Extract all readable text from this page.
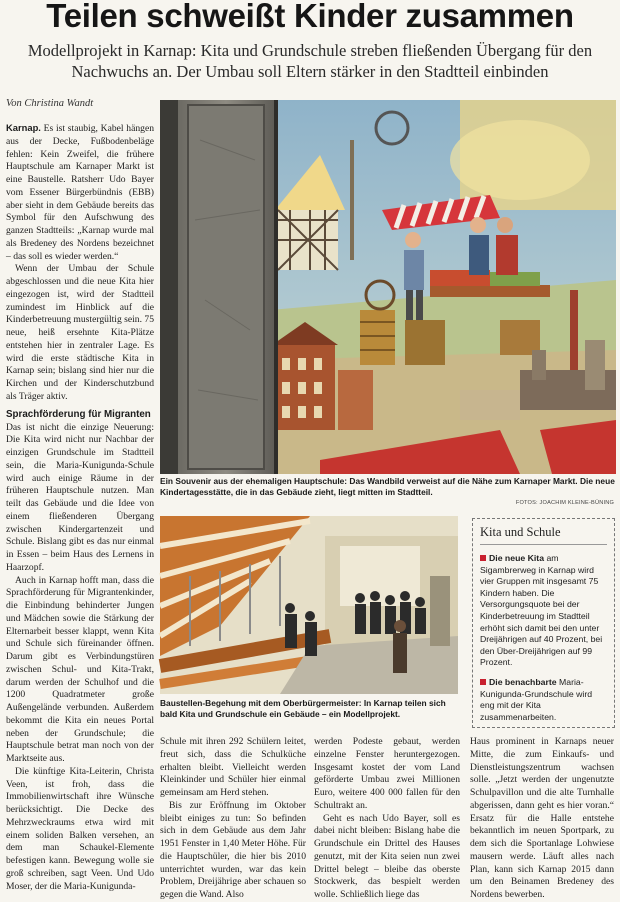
Teilen schweißt Kinder zusammen
Modellprojekt in Karnap: Kita und Grundschule streben fließenden Übergang für den Nachwuchs an. Der Umbau soll Eltern stärker in den Stadtteil einbinden
Von Christina Wandt

Karnap. Es ist staubig, Kabel hängen aus der Decke, Fußbodenbeläge fehlen: Kein Zweifel, die frühere Hauptschule am Karnaper Markt ist eine Baustelle. Ratsherr Udo Bayer vom Essener Bürgerbündnis (EBB) aber sieht in dem Gebäude bereits das Symbol für den Aufschwung des ganzen Stadtteils: „Karnap wurde mal als Bredeney des Nordens bezeichnet – das soll es wieder werden.“

Wenn der Umbau der Schule abgeschlossen und die neue Kita hier eingezogen ist, wird der Stadtteil zumindest im Hinblick auf die Kinderbetreuung mustergültig sein. 75 neue, heiß ersehnte Kita-Plätze entstehen hier in zentraler Lage. Es wird die erste städtische Kita in Karnap sein; bislang sind hier nur die Kirchen und der Kinderschutzbund als Träger aktiv.

Sprachförderung für Migranten

Das ist nicht die einzige Neuerung: Die Kita wird nicht nur Nachbar der einzigen Grundschule im Stadtteil sein, die Maria-Kunigunda-Schule wird auch einige Räume in der früheren Hauptschule nutzen. Man teilt das Gebäude und die Idee von einem fließenderen Übergang zwischen Kindergartenzeit und Schule. Bislang gibt es das nur einmal in Essen – beim Haus des Lernens in Haarzopf.

Auch in Karnap hofft man, dass die Sprachförderung für Migrantenkinder, die Einbindung behinderter Jungen und Mädchen sowie die Stärkung der Elternarbeit besser klappt, wenn Kita und Schule sich füreinander öffnen. Darum gibt es Verbindungstüren zwischen Schul- und Kita-Trakt, darum werden der Schulhof und die 1200 Quadratmeter große Außengelände verbunden. Außerdem bekommt die Kita ein neues Portal neben der Grundschule; die Hauptschule betrat man noch von der Marktseite aus.

Die künftige Kita-Leiterin, Christa Veen, ist froh, dass die Immobilienwirtschaft ihre Wünsche berücksichtigt. Die Decke des Mehrzweckraums etwa wird mit einem soliden Balken versehen, an dem man Schaukel-Elemente befestigen kann. Bewegung wolle sie groß schreiben, sagt Veen. Und Udo Moser, der die Maria-Kunigunda-

Ein Souvenir aus der ehemaligen Hauptschule: Das Wandbild verweist auf die Nähe zum Karnaper Markt. Die neue Kindertagesstätte, die in das Gebäude zieht, liegt mitten im Stadtteil.
FOTOS: JOACHIM KLEINE-BÜNING
Baustellen-Begehung mit dem Oberbürgermeister: In Karnap teilen sich bald Kita und Grundschule ein Gebäude – ein Modellprojekt.
Kita und Schule
Die neue Kita am Sigambrerweg in Karnap wird vier Gruppen mit insgesamt 75 Kindern haben. Die Versorgungsquote bei der Kinderbetreuung im Stadtteil erhöht sich damit bei den unter Dreijährigen auf 40 Prozent, bei den Über-Dreijährigen auf 99 Prozent.
Die benachbarte Maria-Kunigunda-Grundschule wird eng mit der Kita zusammenarbeiten.

Schule mit ihren 292 Schülern leitet, freut sich, dass die Schulküche erhalten bleibt. Vielleicht werden Kleinkinder und Schüler hier einmal gemeinsam am Herd stehen.

Bis zur Eröffnung im Oktober bleibt einiges zu tun: So befinden sich in dem Gebäude aus dem Jahr 1951 Fenster in 1,40 Meter Höhe. Für die Hauptschüler, die hier bis 2010 unterrichtet wurden, war das kein Problem, Dreijährige aber schauen so gegen die Wand. Also

werden Podeste gebaut, werden einzelne Fenster heruntergezogen. Insgesamt kostet der vom Land geförderte Umbau zwei Millionen Euro, weitere 400 000 fallen für den Schultrakt an.

Geht es nach Udo Bayer, soll es dabei nicht bleiben: Bislang habe die Grundschule ein Drittel des Hauses genutzt, mit der Kita seien nun zwei Drittel belegt – bleibe das oberste Stockwerk, das bespielt werden wolle. Schließlich liege das

Haus prominent in Karnaps neuer Mitte, die zum Einkaufs- und Dienstleistungszentrum wachsen solle. „Jetzt werden der ungenutzte Schulpavillon und die alte Turnhalle abgerissen, dann geht es hier voran.“ Ersatz für die Halle entstehe bekanntlich im neuen Sportpark, zu dem sich die Sportanlage Lohwiese mausern werde. Läuft alles nach Plan, kann sich Karnap 2015 dann um den Beinamen Bredeney des Nordens bewerben.
